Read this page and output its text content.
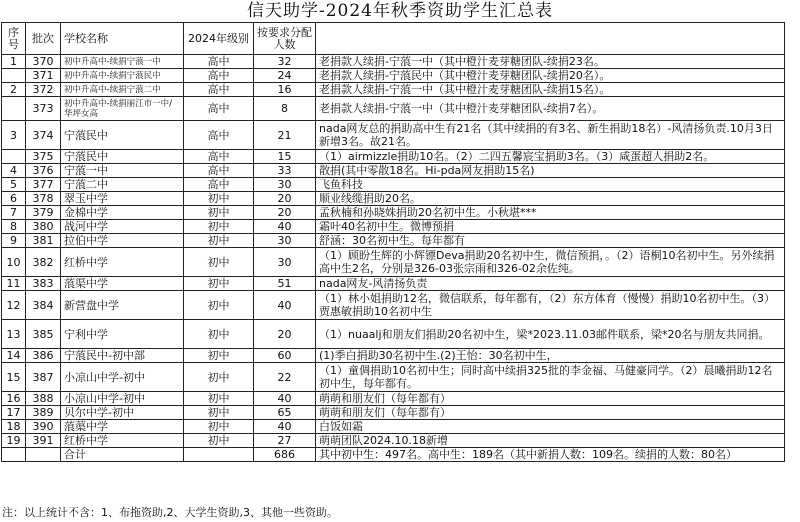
信天助学-2024年秋季资助学生汇总表
序号	批次	学校名称	2024年级别	按要求分配人数	
1	370	初中升高中-续捐宁蒗一中	高中	32	老捐款人续捐-宁蒗一中（其中橙汁麦芽糖团队-续捐23名。
	371	初中升高中-续捐宁蒗民中	高中	24	老捐款人续捐-宁蒗民中（其中橙汁麦芽糖团队-续捐20名）。
2	372	初中升高中-续捐宁蒗二中	高中	16	老捐款人续捐-宁蒗一中（其中橙汁麦芽糖团队-续捐15名）。
	373	初中升高中-续捐丽江市一中/华坪女高	高中	8	老捐款人续捐-宁蒗一中（其中橙汁麦芽糖团队-续捐7名）。
3	374	宁蒗民中	高中	21	nada网友总的捐助高中生有21名（其中续捐的有3名、新生捐助18名）-风清扬负责.10月3日新增3名。故21名。
	375	宁蒗民中	高中	15	（1）airmizzle捐助10名。（2）二四五馨宸宝捐助3名。（3）咸蛋超人捐助2名。
4	376	宁蒗一中	高中	33	散捐(其中零散18名。Hi-pda网友捐助15名)
5	377	宁蒗二中	高中	30	飞鱼科技
6	378	翠玉中学	初中	20	顺业线缆捐助20名。
7	379	金棉中学	初中	20	孟秋楠和孙晓姝捐助20名初中生。小秋堪***
8	380	战河中学	初中	40	霜叶40名初中生。微博预捐
9	381	拉伯中学	初中	30	舒涵：30名初中生。每年都有
10	382	红桥中学	初中	30	（1）顾盼生辉的小辉镖Deva捐助20名初中生，微信预捐，。（2）语桐10名初中生。另外续捐高中生2名，分别是326-03张宗雨和326-02余佐纯。
11	383	蒗渠中学	初中	51	nada网友-风清扬负责
12	384	新营盘中学	初中	40	（1）林小姐捐助12名，微信联系，每年都有，（2）东方体育（慢慢）捐助10名初中生。（3）贾惠敏捐助10名初中生
13	385	宁利中学	初中	20	（1）nuaalj和朋友们捐助20名初中生，梁*2023.11.03邮件联系，梁*20名与朋友共同捐。
14	386	宁蒗民中-初中部	初中	60	(1)季白捐助30名初中生.(2)王怡：30名初中生，
15	387	小凉山中学-初中	初中	22	（1）童倜捐助10名初中生；同时高中续捐325批的李金福、马健豪同学。（2）晨曦捐助12名初中生，每年都有。
16	388	小凉山中学-初中	初中	40	萌萌和朋友们（每年都有）
17	389	贝尔中学-初中	初中	65	萌萌和朋友们（每年都有）
18	390	蒗蕖中学	初中	40	白饭如霜
19	391	红桥中学	初中	27	萌萌团队2024.10.18新增
		合计		686	其中初中生：497名。高中生：189名（其中新捐人数：109名。续捐的人数：80名）
注：以上统计不含：1、布拖资助,2、大学生资助,3、其他一些资助。
